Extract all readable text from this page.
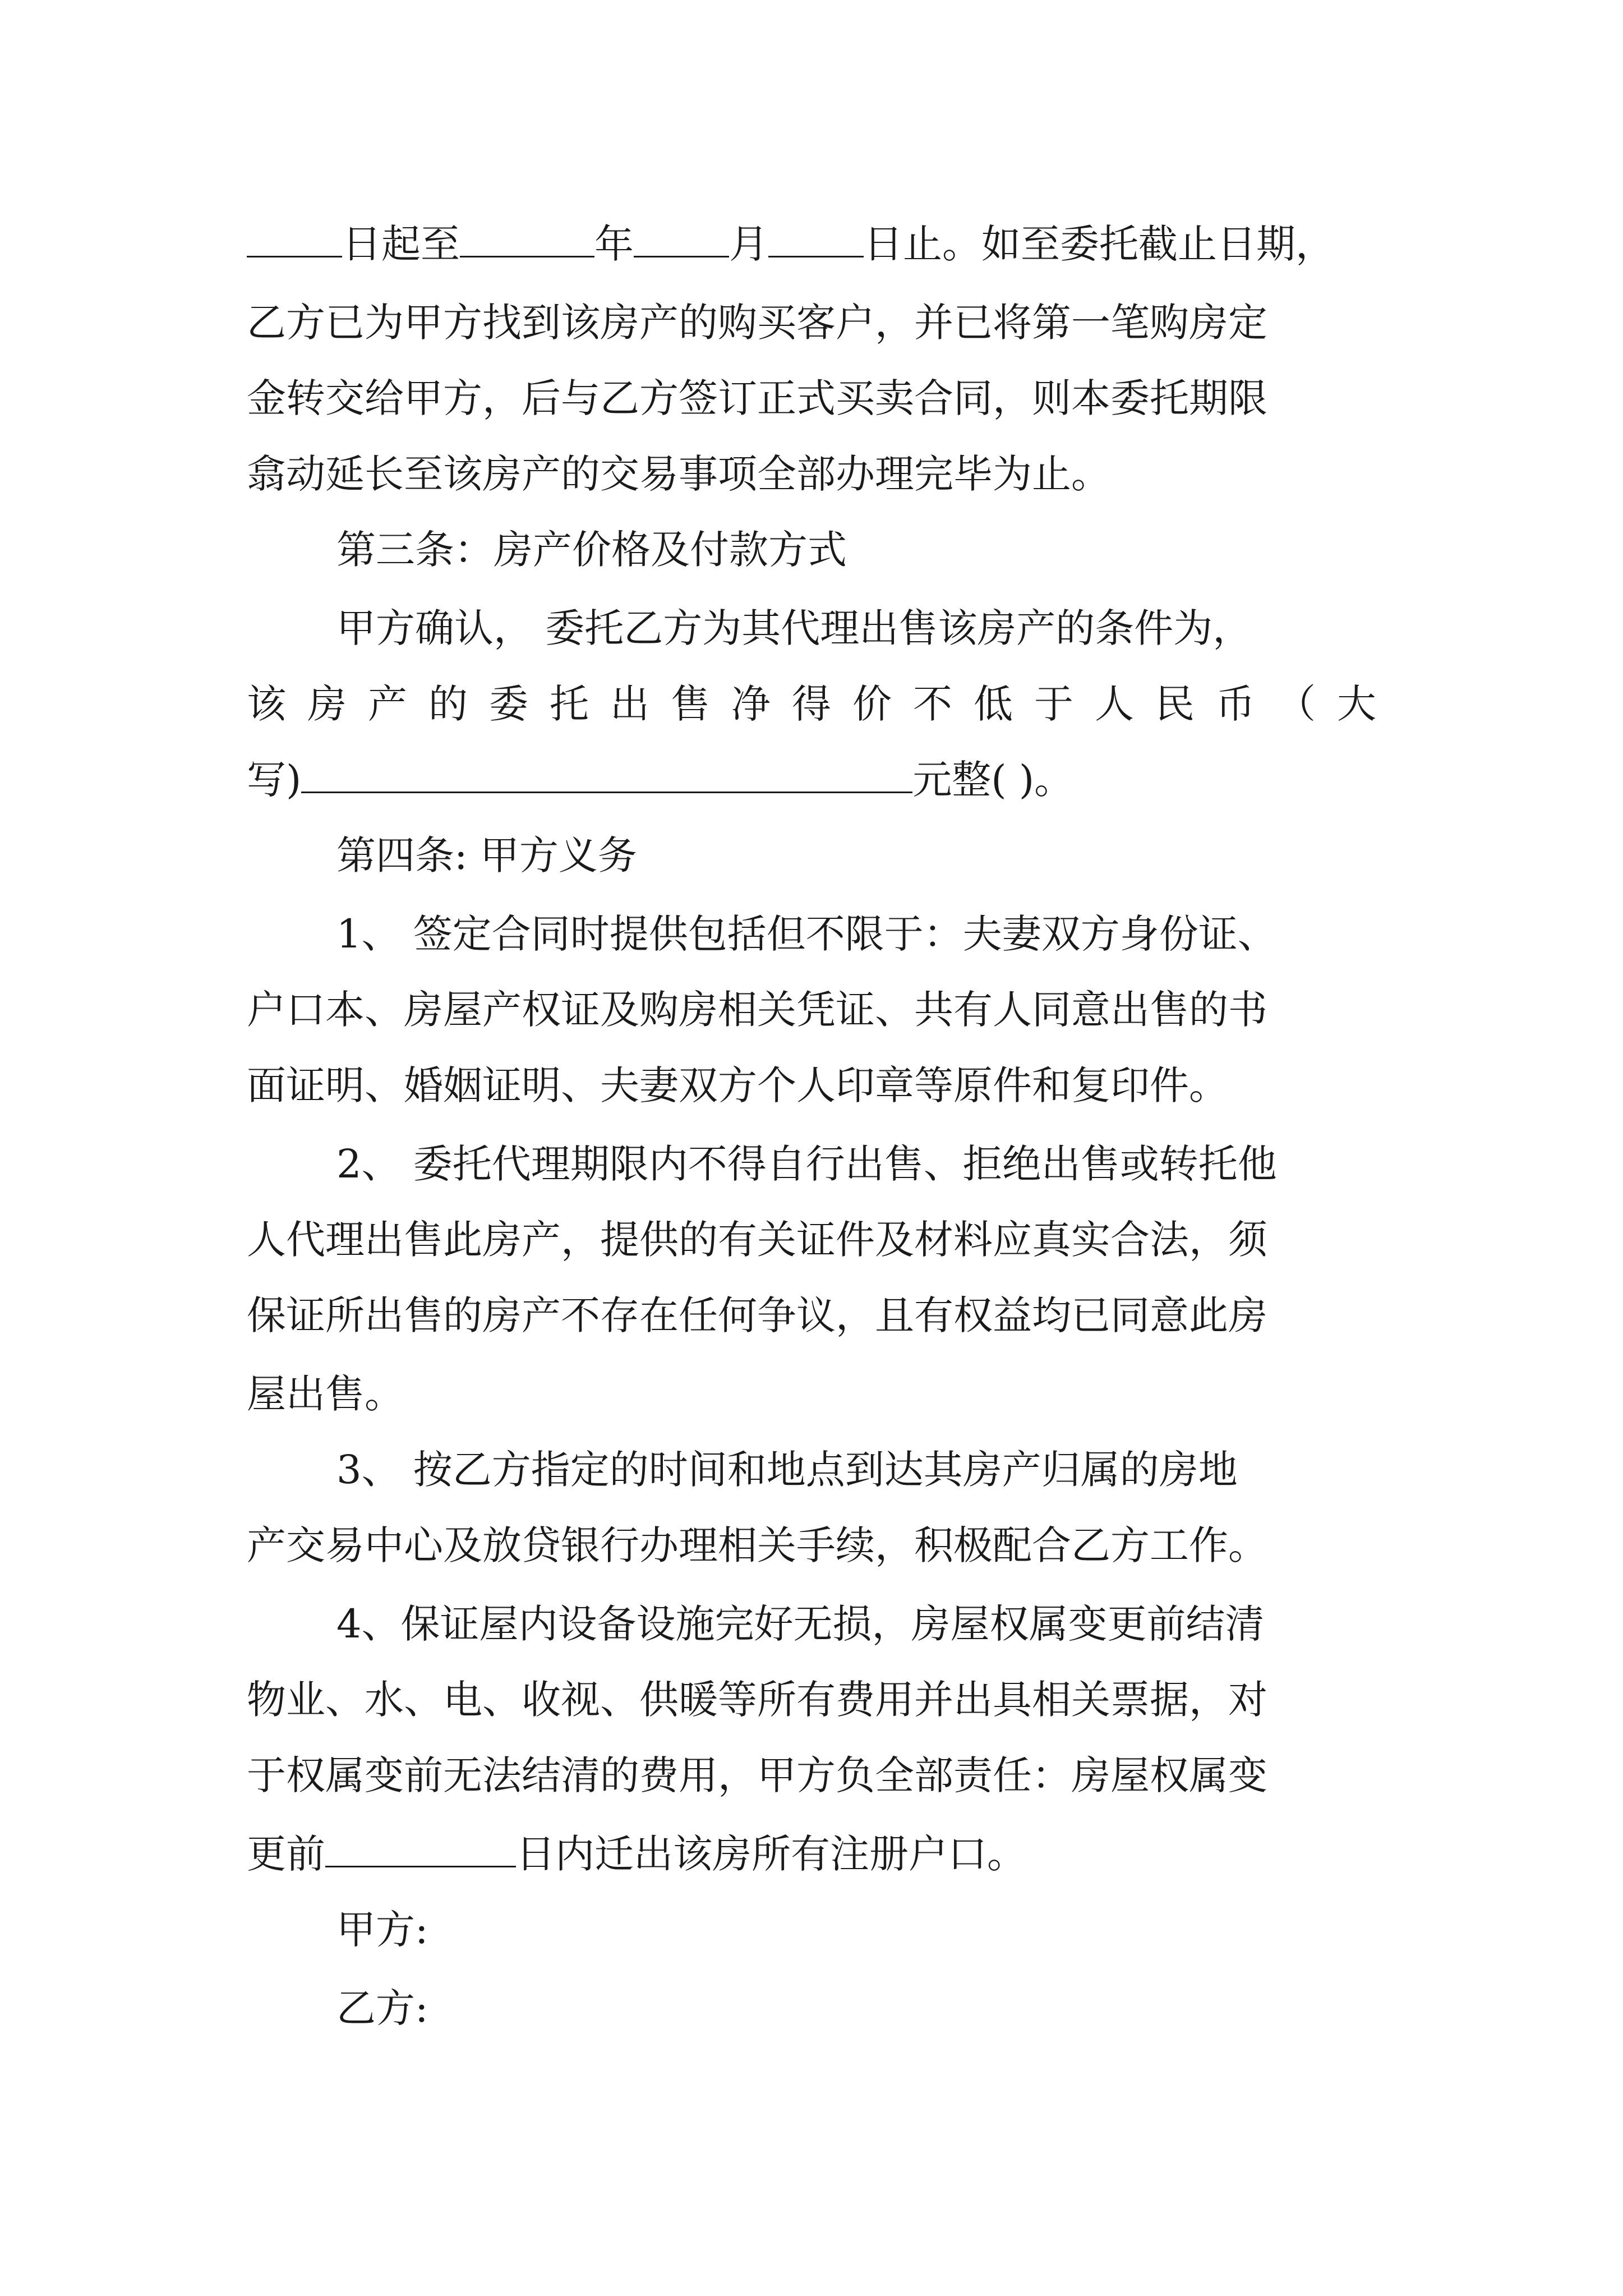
日起至	年 月 日止。如至委托截止日期，
乙方已为甲方找到该房产的购买客户，并已将第一笔购房定
金转交给甲方，后与乙方签订正式买卖合同，则本委托期限
翕动延长至该房产的交易事项全部办理完毕为止。
第三条：房产价格及付款方式
甲方确认， 委托乙方为其代理出售该房产的条件为，
该房产的委托出售净得价不低于人民币（大
写)	元整( )。
第四条: 甲方义务
1、 签定合同时提供包括但不限于：夫妻双方身份证、
户口本、房屋产权证及购房相关凭证、共有人同意出售的书
面证明、婚姻证明、夫妻双方个人印章等原件和复印件。
2、 委托代理期限内不得自行出售、拒绝出售或转托他
人代理出售此房产，提供的有关证件及材料应真实合法，须
保证所出售的房产不存在任何争议，且有权益均已同意此房
屋出售。
3、 按乙方指定的时间和地点到达其房产归属的房地
产交易中心及放贷银行办理相关手续，积极配合乙方工作。
4、保证屋内设备设施完好无损，房屋权属变更前结清
物业、水、电、收视、供暖等所有费用并出具相关票据，对
于权属变前无法结清的费用，甲方负全部责任：房屋权属变
更前	日内迁出该房所有注册户口。
甲方:
乙方:
